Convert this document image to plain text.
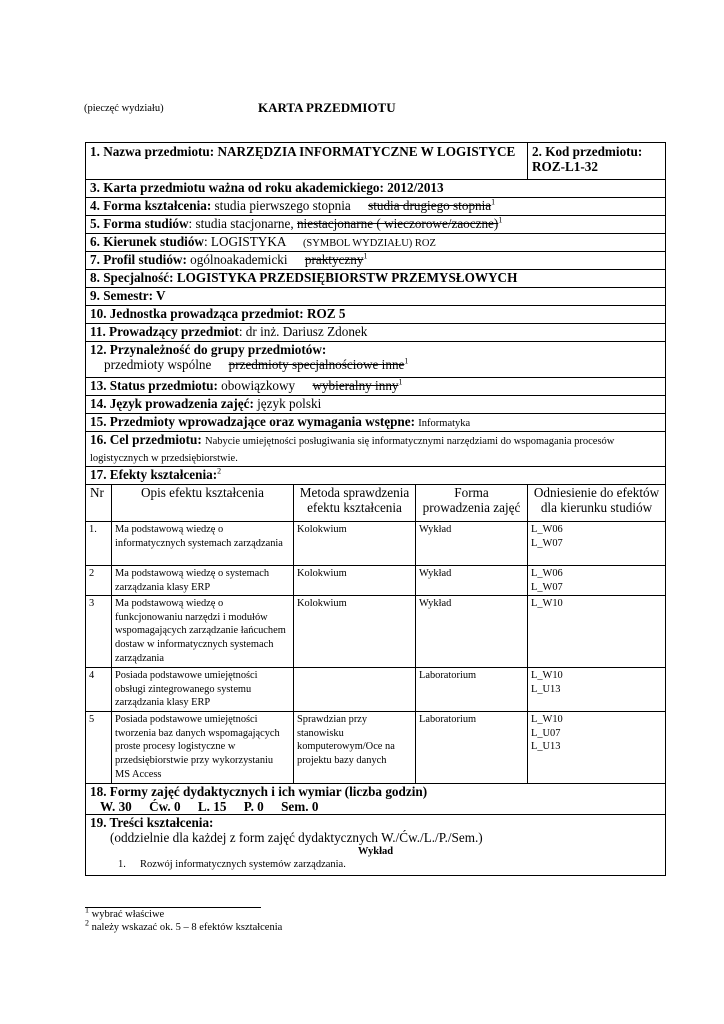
(pieczęć wydziału)	KARTA PRZEDMIOTU
1. Nazwa przedmiotu: NARZĘDZIA INFORMATYCZNE W LOGISTYCE				2. Kod przedmiotu: ROZ-L1-32
3. Karta przedmiotu ważna od roku akademickiego: 2012/2013				
4. Forma kształcenia: studia pierwszego stopnia studia drugiego stopnia$^1$
5. Forma studiów: studia stacjonarne, niestacjonarne ( wieczorowe/zaoczne)$^1$
6. Kierunek studiów: LOGISTYKA (SYMBOL WYDZIAŁU) ROZ				
7. Profil studiów: ogólnoakademicki praktyczny$^1$
8. Specjalność: LOGISTYKA PRZEDSIĘBIORSTW PRZEMYSŁOWYCH				
9. Semestr: V				
10. Jednostka prowadząca przedmiot: ROZ 5				
11. Prowadzący przedmiot: dr inż. Dariusz Zdonek				
12. Przynależność do grupy przedmiotów:
przedmioty wspólne przedmioty specjalnościowe inne$^1$
13. Status przedmiotu: obowiązkowy wybieralny inny$^1$
14. Język prowadzenia zajęć: język polski				
15. Przedmioty wprowadzające oraz wymagania wstępne: Informatyka				
16. Cel przedmiotu: Nabycie umiejętności posługiwania się informatycznymi narzędziami do wspomagania procesów logistycznych w przedsiębiorstwie.				
17. Efekty kształcenia:$^2$
Nr	Opis efektu kształcenia	Metoda sprawdzenia efektu kształcenia	Forma prowadzenia zajęć	Odniesienie do efektów dla kierunku studiów
1.	Ma podstawową wiedzę o informatycznych systemach zarządzania	Kolokwium	Wykład	L_W06
L_W07
2	Ma podstawową wiedzę o systemach zarządzania klasy ERP	Kolokwium	Wykład	L_W06
L_W07
3	Ma podstawową wiedzę o funkcjonowaniu narzędzi i modułów wspomagających zarządzanie łańcuchem dostaw w informatycznych systemach zarządzania	Kolokwium	Wykład	L_W10
4	Posiada podstawowe umiejętności obsługi zintegrowanego systemu zarządzania klasy ERP		Laboratorium	L_W10
L_U13
5	Posiada podstawowe umiejętności tworzenia baz danych wspomagających proste procesy logistyczne w przedsiębiorstwie przy wykorzystaniu MS Access	Sprawdzian przy stanowisku komputerowym/Oce na projektu bazy danych	Laboratorium	L_W10
L_U07
L_U13
18. Formy zajęć dydaktycznych i ich wymiar (liczba godzin)
W. 30 Ćw. 0 L. 15 P. 0 Sem. 0				
19. Treści kształcenia:
(oddzielnie dla każdej z form zajęć dydaktycznych W./Ćw./L./P./Sem.)
Wykład
1. Rozwój informatycznych systemów zarządzania.				
$^1$ wybrać właściwe
$^2$ należy wskazać ok. 5 – 8 efektów kształcenia
